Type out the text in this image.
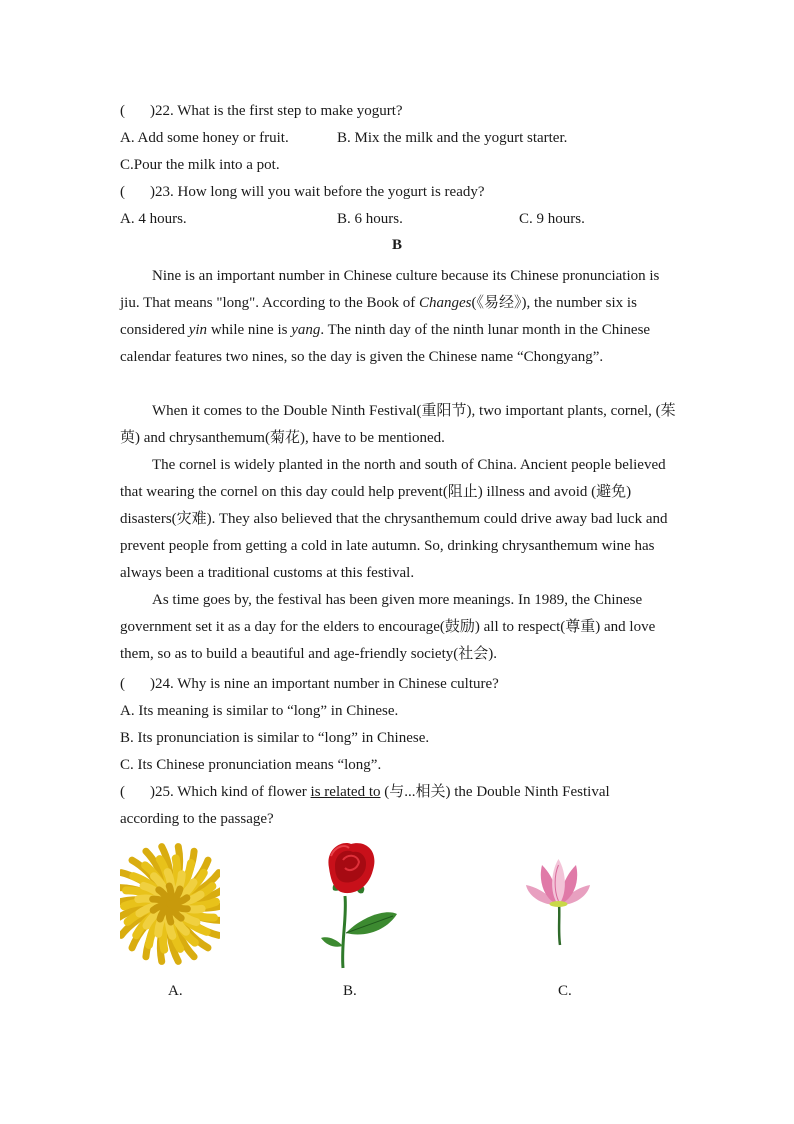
( )22. What is the first step to make yogurt?
A. Add some honey or fruit.	B. Mix the milk and the yogurt starter.
C.Pour the milk into a pot.
( )23. How long will you wait before the yogurt is ready?
A. 4 hours.	B. 6 hours.	C. 9 hours.
B
Nine is an important number in Chinese culture because its Chinese pronunciation is jiu. That means "long". According to the Book of Changes(《易经》), the number six is considered yin while nine is yang. The ninth day of the ninth lunar month in the Chinese calendar features two nines, so the day is given the Chinese name “Chongyang”.
When it comes to the Double Ninth Festival(重阳节), two important plants, cornel, (茱萸) and chrysanthemum(菊花), have to be mentioned.
The cornel is widely planted in the north and south of China. Ancient people believed that wearing the cornel on this day could help prevent(阻止) illness and avoid (避免) disasters(灾难). They also believed that the chrysanthemum could drive away bad luck and prevent people from getting a cold in late autumn. So, drinking chrysanthemum wine has always been a traditional customs at this festival.
As time goes by, the festival has been given more meanings. In 1989, the Chinese government set it as a day for the elders to encourage(鼓励) all to respect(尊重) and love them, so as to build a beautiful and age-friendly society(社会).
( )24. Why is nine an important number in Chinese culture?
A. Its meaning is similar to “long” in Chinese.
B. Its pronunciation is similar to “long” in Chinese.
C. Its Chinese pronunciation means “long”.
( )25. Which kind of flower is related to (与...相关) the Double Ninth Festival
according to the passage?
A.	B.	C.
